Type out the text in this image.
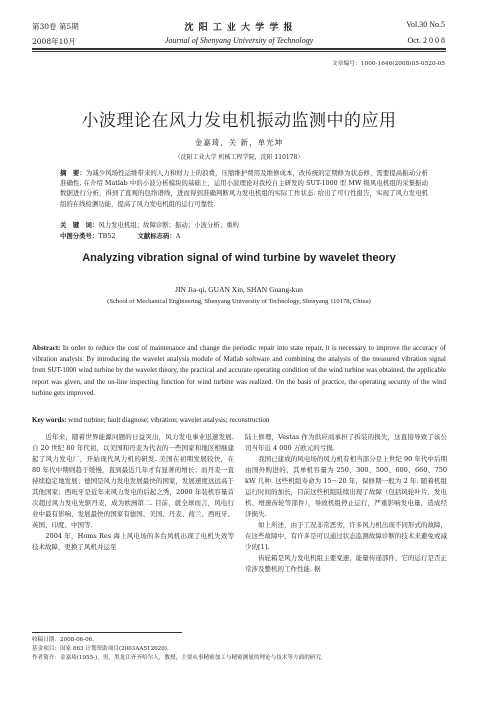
第30卷 第5期
2008年10月
沈 阳 工 业 大 学 学 报
Journal of Shenyang University of Technology
Vol.30 No.5
Oct. 2 0 0 8
文章编号：1000-1646(2008)05-0520-05
小波理论在风力发电机振动监测中的应用
金嘉琦，关 新，单光坤
（沈阳工业大学 机械工程学院，沈阳 110178）
摘　要：为减少风场性运维带来的人力和财力上的浪费，压缩维护费用及维修成本，改传统的定期修为状态修，需要提高振动分析准确性. 在介绍 Matlab 中的小波分析模块的基础上，运用小波理论对我校自主研发的 SUT-1000 型 MW 级风电机组的采集振动数据进行分析，得到了直观的包络谱线，进而得到准确判断风力发电机组的实际工作状态. 给出了可行性报告，实现了风力发电机组的在线检测功能，提高了风力发电机组的运行可靠性.
关　键　词：风力发电机组；故障诊断；振动；小波分析；重构
中图分类号：TB52	文献标志码：A
Analyzing vibration signal of wind turbine by wavelet theory
JIN Jia-qi, GUAN Xin, SHAN Guang-kun
(School of Mechanical Engineering, Shenyang University of Technology, Shenyang 110178, China)
Abstract: In order to reduce the cost of maintenance and change the periodic repair into state repair, it is necessary to improve the accuracy of vibration analysis. By introducing the wavelet analysis module of Matlab software and combining the analysis of the measured vibration signal from SUT-1000 wind turbine by the wavelet theory, the practical and accurate operating condition of the wind turbine was obtained, the applicable report was given, and the on-line inspecting function for wind turbine was realized. On the basis of practice, the operating security of the wind turbine gets improved.
Key words: wind turbine; fault diagnose; vibration; wavelet analysis; reconstruction
　　近年来，随着世界能源问题的日益突出，风力发电事业迅速发展. 自 20 世纪 80 年代初，以美国和丹麦为代表的一些国家和地区相继建起了风力发电厂，开始现代风力机的研发. 美国在初期发展较快，在 80 年代中期则趋于缓慢，直到最近几年才有显著的增长；而丹麦一直持续稳定地发展；德国是风力发电发展最快的国家，发展速度远远高于其他国家；西班牙是近年来风力发电的后起之秀，2000 年装机容量首次超过风力发电先驱丹麦，成为欧洲第二. 目前，就全球而言，风电行业中最有影响、发展最快的国家有德国、美国、丹麦、荷兰、西班牙、英国、印度、中国等.
　　2004 年，Homs Res 海上风电场的多台风机出现了电机失效等技术故障，更换了风机并运至
陆上修理，Vestas 作为供应商承担了拆装的损失，这直接导致了该公司当年近 4 000 万欧元的亏损.
　　我国已建成的风电场的风力机有相当部分是上世纪 90 年代中后期由国外购进的，其单机容量为 250、300、500、600、660、750 kW 几种. 这些机组寿命为 15～20 年，保修期一般为 2 年. 随着机组运行时间的加长，目前这些机组陆续出现了故障（包括风轮叶片、发电机、增速齿轮等部件），导致机组停止运行，严重影响发电量，造成经济损失.
　　如上所述，由于工况非常恶劣，许多风力机出现不同形式的故障，在这些故障中，有许多是可以通过状态监测故障诊断的技术来避免或减少的[1].
　　齿轮箱是风力发电机组主要变速，能量传递部件，它的运行是否正常涉及整机的工作性能. 据
收稿日期：2008-06-06.
基金项目：国家 863 计划资助项目(2003AA512020).
作者简介：金嘉琦(1955-)，男，黑龙江齐齐哈尔人，教授，主要从事精密加工与精密测量的理论与技术等方面的研究.
